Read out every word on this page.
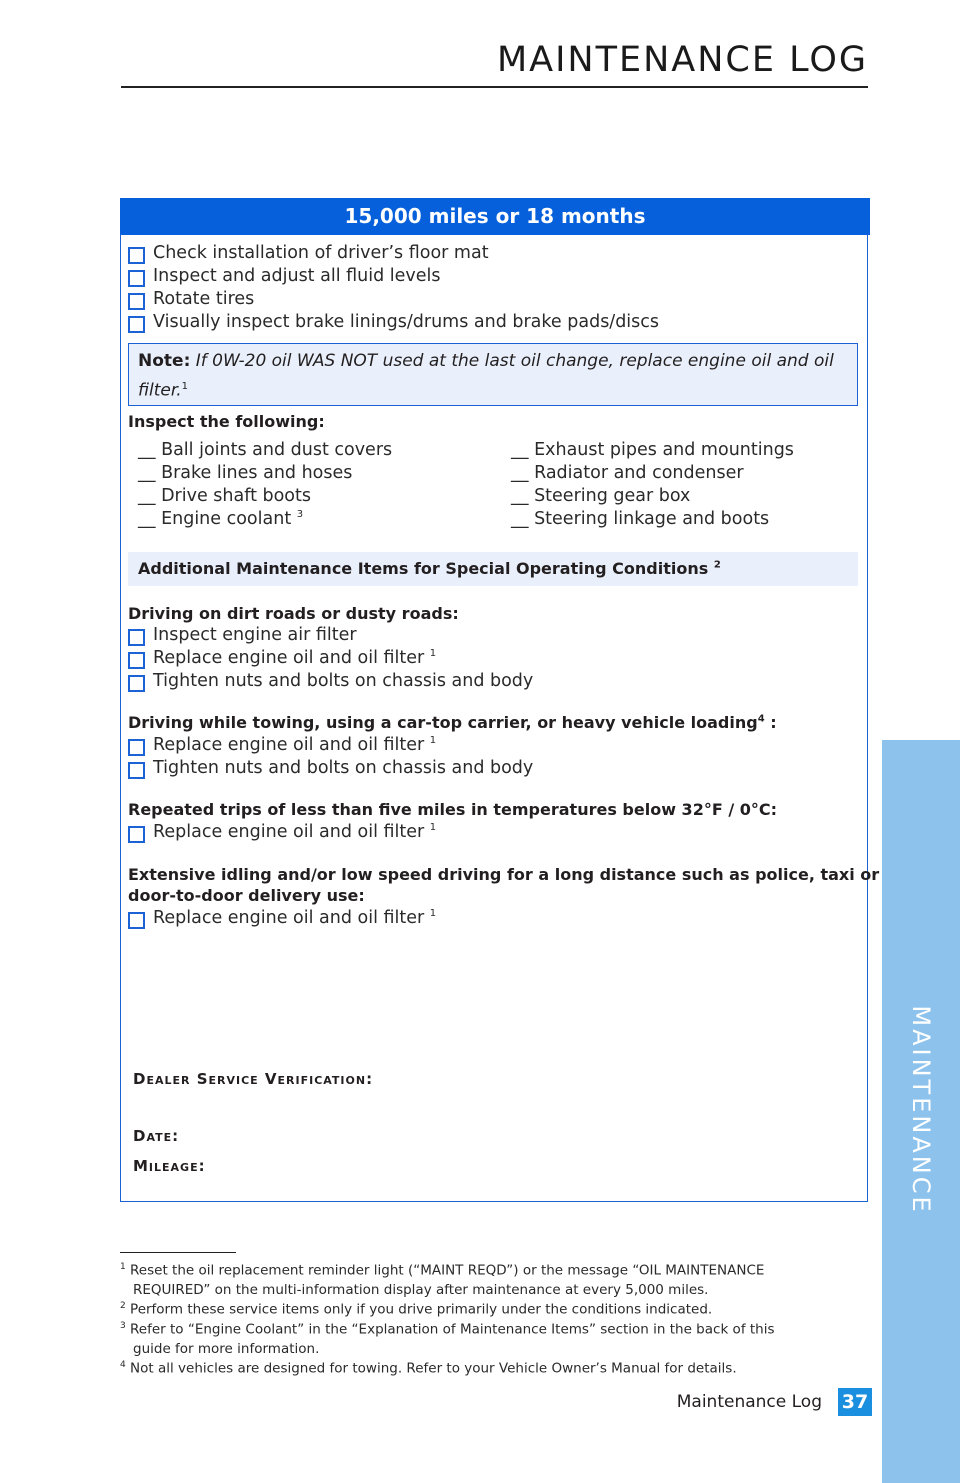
MAINTENANCE LOG
MAINTENANCE
15,000 miles or 18 months
Check installation of driver’s floor mat
Inspect and adjust all fluid levels
Rotate tires
Visually inspect brake linings/drums and brake pads/discs
Note: If 0W-20 oil WAS NOT used at the last oil change, replace engine oil and oil filter.$^1$
Inspect the following:
__ Ball joints and dust covers
__ Brake lines and hoses
__ Drive shaft boots
__ Engine coolant $^3$
__ Exhaust pipes and mountings
__ Radiator and condenser
__ Steering gear box
__ Steering linkage and boots
Additional Maintenance Items for Special Operating Conditions $^2$
Driving on dirt roads or dusty roads:
Inspect engine air filter
Replace engine oil and oil filter $^1$
Tighten nuts and bolts on chassis and body
Driving while towing, using a car-top carrier, or heavy vehicle loading$^4$ :
Replace engine oil and oil filter $^1$
Tighten nuts and bolts on chassis and body
Repeated trips of less than five miles in temperatures below 32°F / 0°C:
Replace engine oil and oil filter $^1$
Extensive idling and/or low speed driving for a long distance such as police, taxi or
door-to-door delivery use:
Replace engine oil and oil filter $^1$
Dealer Service Verification:
Date:
Mileage:
$^1$ Reset the oil replacement reminder light (“MAINT REQD”) or the message “OIL MAINTENANCE
REQUIRED” on the multi-information display after maintenance at every 5,000 miles.
$^2$ Perform these service items only if you drive primarily under the conditions indicated.
$^3$ Refer to “Engine Coolant” in the “Explanation of Maintenance Items” section in the back of this
guide for more information.
$^4$ Not all vehicles are designed for towing. Refer to your Vehicle Owner’s Manual for details.
Maintenance Log 37
